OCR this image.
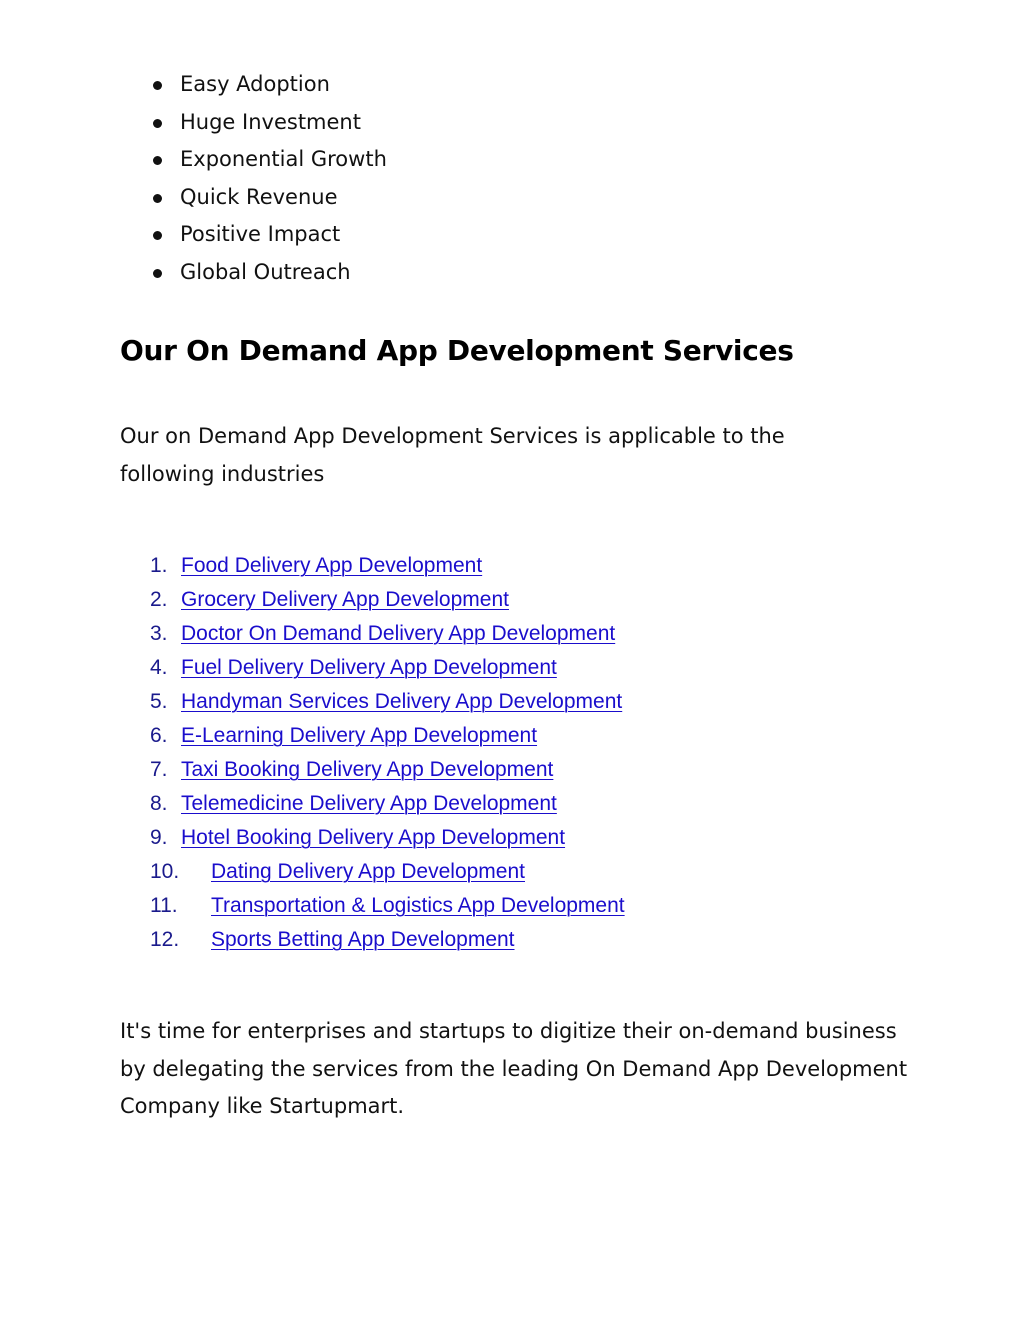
Easy Adoption
Huge Investment
Exponential Growth
Quick Revenue
Positive Impact
Global Outreach
Our On Demand App Development Services

Our on Demand App Development Services is applicable to the following industries

1. Food Delivery App Development
2. Grocery Delivery App Development
3. Doctor On Demand Delivery App Development
4. Fuel Delivery Delivery App Development
5. Handyman Services Delivery App Development
6. E-Learning Delivery App Development
7. Taxi Booking Delivery App Development
8. Telemedicine Delivery App Development
9. Hotel Booking Delivery App Development
10. Dating Delivery App Development
11. Transportation & Logistics App Development
12. Sports Betting App Development

It's time for enterprises and startups to digitize their on-demand business by delegating the services from the leading On Demand App Development Company like Startupmart.
